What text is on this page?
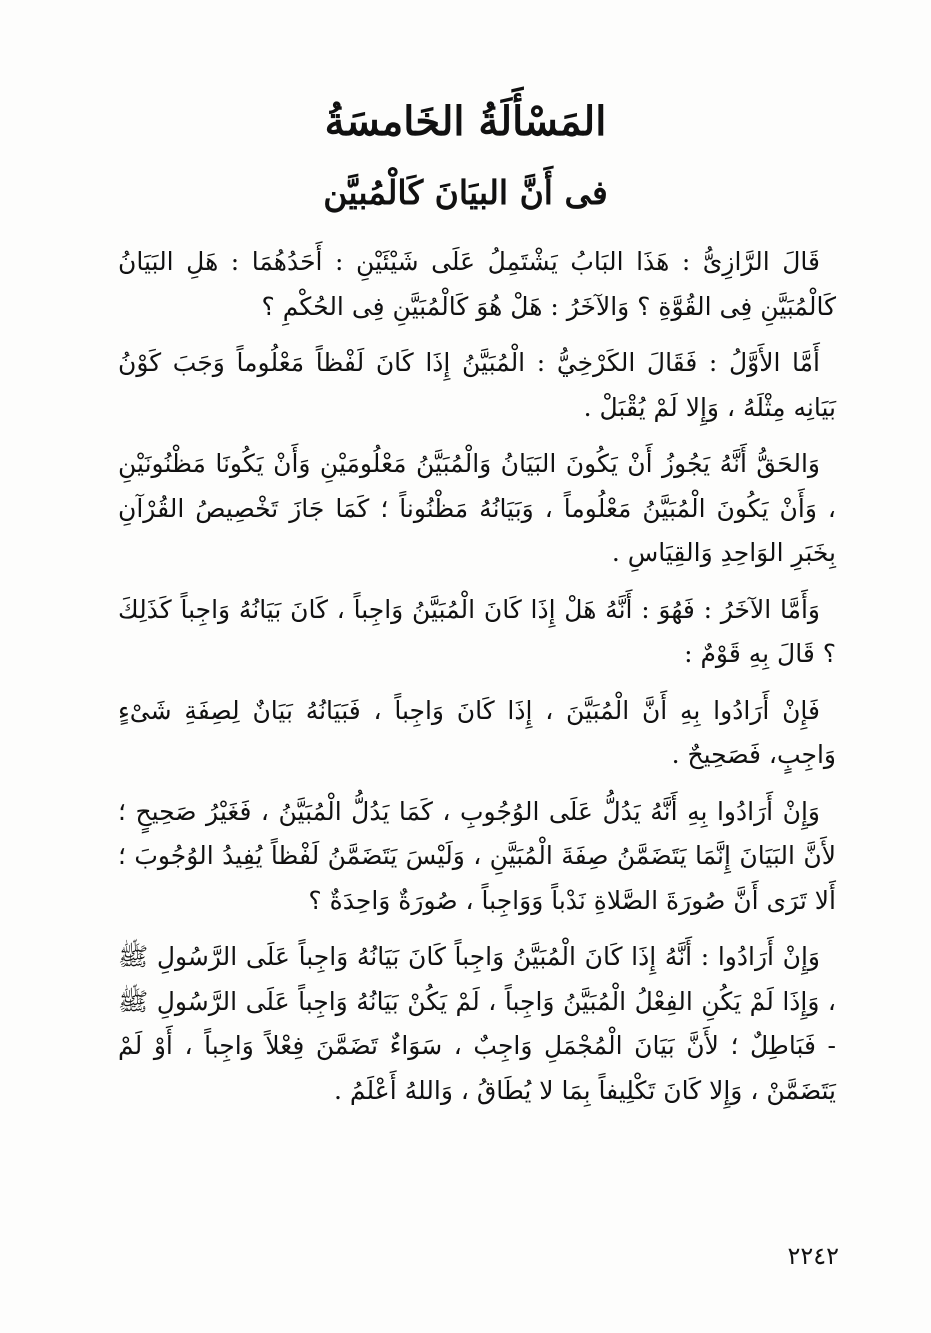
المَسْأَلَةُ الخَامسَةُ
فى أَنَّ البيَانَ كَالْمُبيَّن

قَالَ الرَّازِىُّ : هَذَا البَابُ يَشْتَمِلُ عَلَى شَيْئَيْنِ : أَحَدُهُمَا : هَلِ البَيَانُ كَالْمُبَيَّنِ فِى القُوَّةِ ؟ وَالآخَرُ : هَلْ هُوَ كَالْمُبَيَّنِ فِى الحُكْمِ ؟

أَمَّا الأَوَّلُ : فَقَالَ الكَرْخِيُّ : الْمُبَيَّنُ إِذَا كَانَ لَفْظاً مَعْلُوماً وَجَبَ كَوْنُ بَيَانِه مِثْلَهُ ، وَإِلا لَمْ يُقْبَلْ .

وَالحَقُّ أَنَّهُ يَجُوزُ أَنْ يَكُونَ البَيَانُ وَالْمُبَيَّنُ مَعْلُومَيْنِ وَأَنْ يَكُونَا مَظْنُونَيْنِ ، وَأَنْ يَكُونَ الْمُبَيَّنُ مَعْلُوماً ، وَبَيَانُهُ مَظْنُوناً ؛ كَمَا جَازَ تَخْصِيصُ القُرْآنِ بِخَبَرِ الوَاحِدِ وَالقِيَاسِ .

وَأَمَّا الآخَرُ : فَهُوَ : أَنَّهُ هَلْ إِذَا كَانَ الْمُبَيَّنُ وَاجِباً ، كَانَ بَيَانُهُ وَاجِباً كَذَلِكَ ؟ قَالَ بِهِ قَوْمٌ :

فَإِنْ أَرَادُوا بِهِ أَنَّ الْمُبَيَّنَ ، إِذَا كَانَ وَاجِباً ، فَبَيَانُهُ بَيَانٌ لِصِفَةِ شَىْءٍ وَاجِبٍ، فَصَحِيحٌ .

وَإِنْ أَرَادُوا بِهِ أَنَّهُ يَدُلُّ عَلَى الوُجُوبِ ، كَمَا يَدُلُّ الْمُبَيَّنُ ، فَغَيْرُ صَحِيحٍ ؛ لأَنَّ البَيَانَ إِنَّمَا يَتَضَمَّنُ صِفَةَ الْمُبَيَّنِ ، وَلَيْسَ يَتَضَمَّنُ لَفْظاً يُفِيدُ الوُجُوبَ ؛ أَلا تَرَى أَنَّ صُورَةَ الصَّلاةِ نَدْباً وَوَاجِباً ، صُورَةٌ وَاحِدَةٌ ؟

وَإِنْ أَرَادُوا : أَنَّهُ إِذَا كَانَ الْمُبَيَّنُ وَاجِباً كَانَ بَيَانُهُ وَاجِباً عَلَى الرَّسُولِ ﷺ ، وَإِذَا لَمْ يَكُنِ الفِعْلُ الْمُبَيَّنُ وَاجِباً ، لَمْ يَكُنْ بَيَانُهُ وَاجِباً عَلَى الرَّسُولِ ﷺ - فَبَاطِلٌ ؛ لأَنَّ بَيَانَ الْمُجْمَلِ وَاجِبٌ ، سَوَاءٌ تَضَمَّنَ فِعْلاً وَاجِباً ، أَوْ لَمْ يَتَضَمَّنْ ، وَإِلا كَانَ تَكْلِيفاً بِمَا لا يُطَاقُ ، وَاللهُ أَعْلَمُ .

٢٢٤٢
